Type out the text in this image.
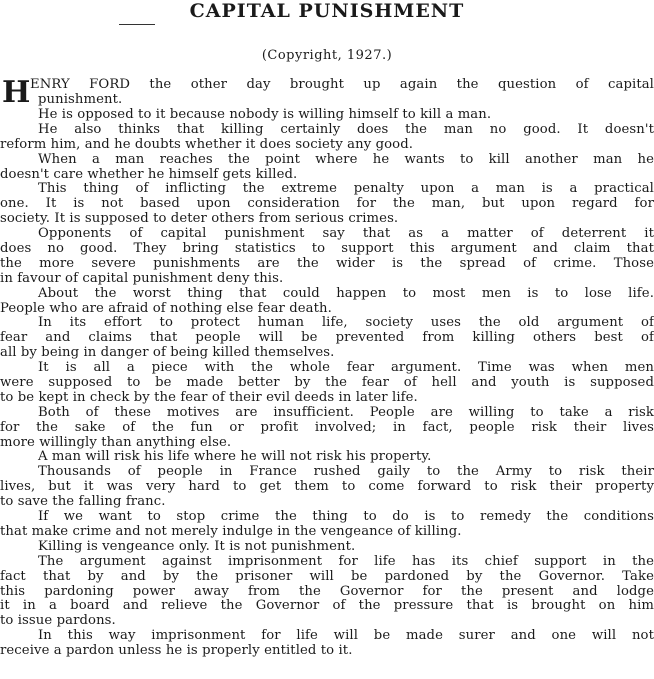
CAPITAL PUNISHMENT
(Copyright, 1927.)
H ENRY FORD the other day brought up again the question of capital
punishment.
He is opposed to it because nobody is willing himself to kill a man.
He also thinks that killing certainly does the man no good. It doesn't
reform him, and he doubts whether it does society any good.
When a man reaches the point where he wants to kill another man he
doesn't care whether he himself gets killed.
This thing of inflicting the extreme penalty upon a man is a practical
one. It is not based upon consideration for the man, but upon regard for
society. It is supposed to deter others from serious crimes.
Opponents of capital punishment say that as a matter of deterrent it
does no good. They bring statistics to support this argument and claim that
the more severe punishments are the wider is the spread of crime. Those
in favour of capital punishment deny this.
About the worst thing that could happen to most men is to lose life.
People who are afraid of nothing else fear death.
In its effort to protect human life, society uses the old argument of
fear and claims that people will be prevented from killing others best of
all by being in danger of being killed themselves.
It is all a piece with the whole fear argument. Time was when men
were supposed to be made better by the fear of hell and youth is supposed
to be kept in check by the fear of their evil deeds in later life.
Both of these motives are insufficient. People are willing to take a risk
for the sake of the fun or profit involved; in fact, people risk their lives
more willingly than anything else.
A man will risk his life where he will not risk his property.
Thousands of people in France rushed gaily to the Army to risk their
lives, but it was very hard to get them to come forward to risk their property
to save the falling franc.
If we want to stop crime the thing to do is to remedy the conditions
that make crime and not merely indulge in the vengeance of killing.
Killing is vengeance only. It is not punishment.
The argument against imprisonment for life has its chief support in the
fact that by and by the prisoner will be pardoned by the Governor. Take
this pardoning power away from the Governor for the present and lodge
it in a board and relieve the Governor of the pressure that is brought on him
to issue pardons.
In this way imprisonment for life will be made surer and one will not
receive a pardon unless he is properly entitled to it.
